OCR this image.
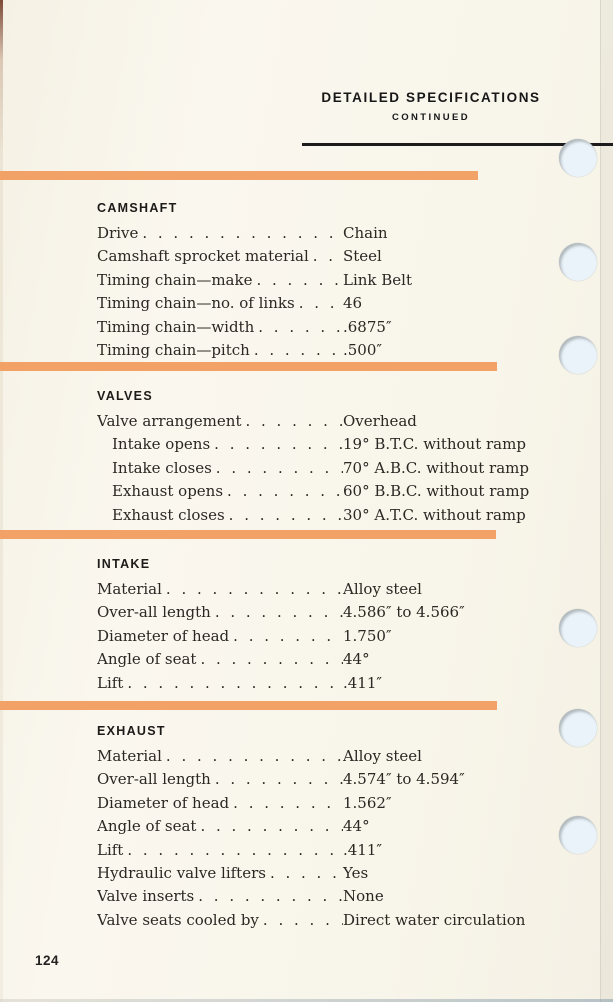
DETAILED SPECIFICATIONS
CONTINUED
CAMSHAFT
Drive . . .	Chain
Camshaft sprocket material . . . Steel
Timing chain—make . . .	Link Belt
Timing chain—no. of links . . .	46
Timing chain—width . . .	.6875″
Timing chain—pitch . . .	.500″
VALVES
Valve arrangement . . .	Overhead
Intake opens . . .	19° B.T.C. without ramp
Intake closes . . .	70° A.B.C. without ramp
Exhaust opens . . .	60° B.B.C. without ramp
Exhaust closes . . .	30° A.T.C. without ramp
INTAKE
Material . . .	Alloy steel
Over-all length . . .	4.586″ to 4.566″
Diameter of head . . .	1.750″
Angle of seat . . .	44°
Lift . . .	.411″
EXHAUST
Material . . .	Alloy steel
Over-all length . . .	4.574″ to 4.594″
Diameter of head . . .	1.562″
Angle of seat . . .	44°
Lift . . .	.411″
Hydraulic valve lifters . . .	Yes
Valve inserts . . .	None
Valve seats cooled by . . .	Direct water circulation
124
